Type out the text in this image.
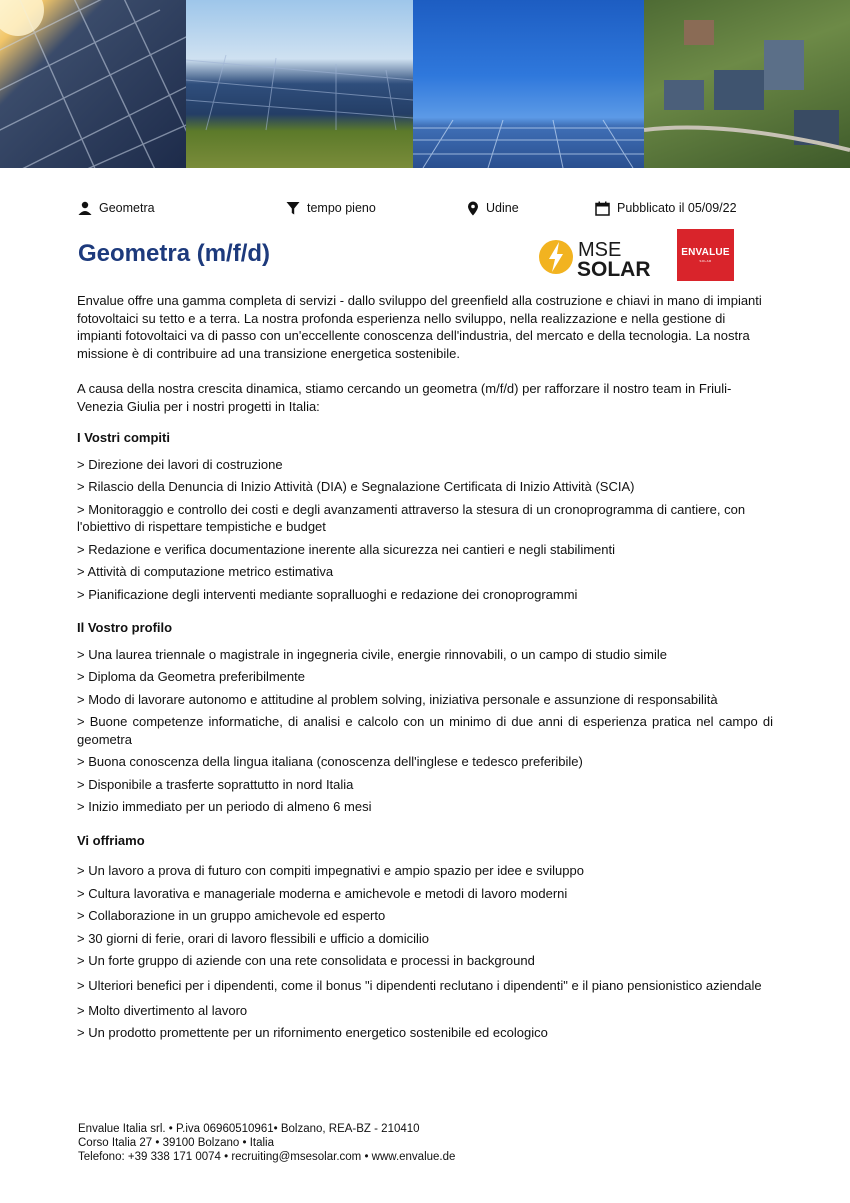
Geometra	tempo pieno	Udine	Pubblicato il 05/09/22
Geometra (m/f/d)	MSE
SOLAR
ENVALUE
SOLAR

Envalue offre una gamma completa di servizi - dallo sviluppo del greenfield alla costruzione e chiavi in mano di impianti fotovoltaici su tetto e a terra. La nostra profonda esperienza nello sviluppo, nella realizzazione e nella gestione di impianti fotovoltaici va di passo con un'eccellente conoscenza dell'industria, del mercato e della tecnologia. La nostra missione è di contribuire ad una transizione energetica sostenibile.

A causa della nostra crescita dinamica, stiamo cercando un geometra (m/f/d) per rafforzare il nostro team in Friuli-Venezia Giulia per i nostri progetti in Italia:

I Vostri compiti

> Direzione dei lavori di costruzione

> Rilascio della Denuncia di Inizio Attività (DIA) e Segnalazione Certificata di Inizio Attività (SCIA)

> Monitoraggio e controllo dei costi e degli avanzamenti attraverso la stesura di un cronoprogramma di cantiere, con l'obiettivo di rispettare tempistiche e budget

> Redazione e verifica documentazione inerente alla sicurezza nei cantieri e negli stabilimenti

> Attività di computazione metrico estimativa

> Pianificazione degli interventi mediante sopralluoghi e redazione dei cronoprogrammi

Il Vostro profilo

> Una laurea triennale o magistrale in ingegneria civile, energie rinnovabili, o un campo di studio simile

> Diploma da Geometra preferibilmente

> Modo di lavorare autonomo e attitudine al problem solving, iniziativa personale e assunzione di responsabilità

> Buone competenze informatiche, di analisi e calcolo con un minimo di due anni di esperienza pratica nel campo di geometra

> Buona conoscenza della lingua italiana (conoscenza dell'inglese e tedesco preferibile)

> Disponibile a trasferte soprattutto in nord Italia

> Inizio immediato per un periodo di almeno 6 mesi

Vi offriamo

> Un lavoro a prova di futuro con compiti impegnativi e ampio spazio per idee e sviluppo

> Cultura lavorativa e manageriale moderna e amichevole e metodi di lavoro moderni

> Collaborazione in un gruppo amichevole ed esperto

> 30 giorni di ferie, orari di lavoro flessibili e ufficio a domicilio

> Un forte gruppo di aziende con una rete consolidata e processi in background

> Ulteriori benefici per i dipendenti, come il bonus "i dipendenti reclutano i dipendenti" e il piano pensionistico aziendale

> Molto divertimento al lavoro

> Un prodotto promettente per un rifornimento energetico sostenibile ed ecologico

Envalue Italia srl. • P.iva 06960510961• Bolzano, REA-BZ - 210410
Corso Italia 27 • 39100 Bolzano • Italia
Telefono: +39 338 171 0074 • recruiting@msesolar.com • www.envalue.de
